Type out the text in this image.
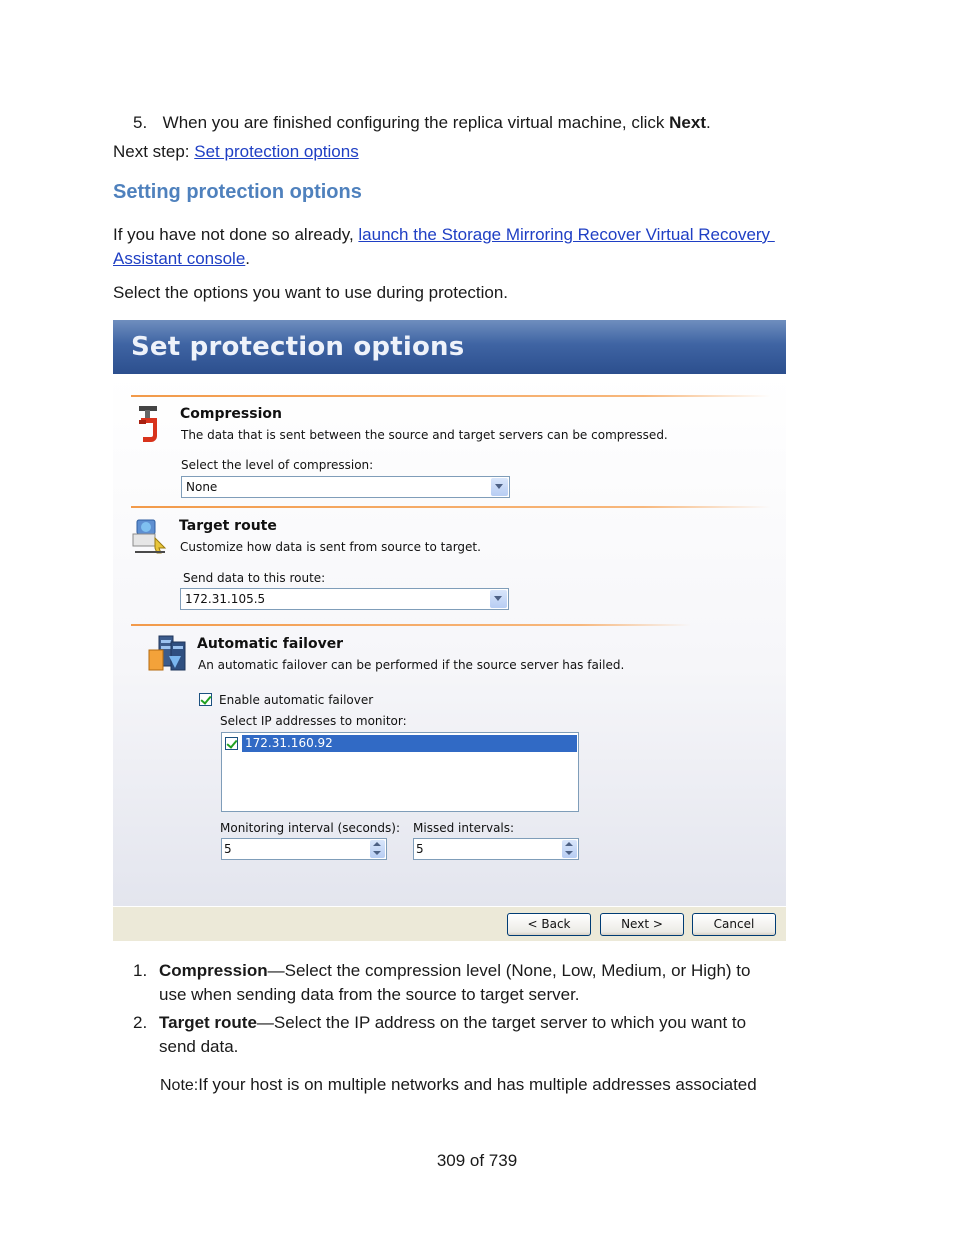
5. When you are finished configuring the replica virtual machine, click Next.
Next step: Set protection options
Setting protection options
If you have not done so already, launch the Storage Mirroring Recover Virtual Recovery
Assistant console.
Select the options you want to use during protection.
Set protection options
Compression
The data that is sent between the source and target servers can be compressed.
Select the level of compression:
None
Target route
Customize how data is sent from source to target.
Send data to this route:
172.31.105.5
Automatic failover
An automatic failover can be performed if the source server has failed.
Enable automatic failover
Select IP addresses to monitor:
172.31.160.92
Monitoring interval (seconds):
5
Missed intervals:
5
< Back	Next >	Cancel
1. Compression—Select the compression level (None, Low, Medium, or High) to
use when sending data from the source to target server.
2. Target route—Select the IP address on the target server to which you want to
send data.
Note:If your host is on multiple networks and has multiple addresses associated
309 of 739
